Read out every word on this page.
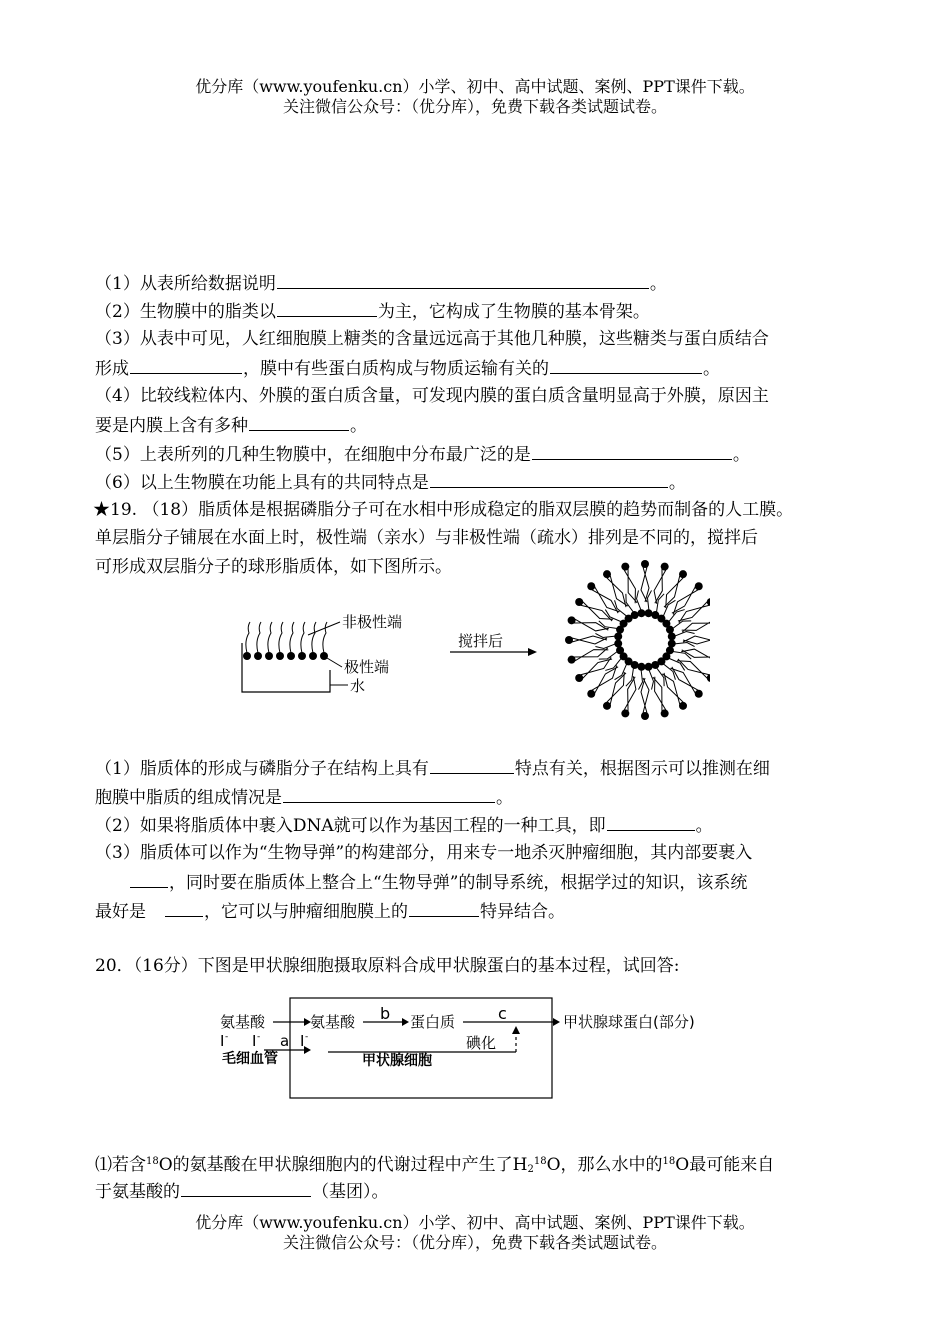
优分库（www.youfenku.cn）小学、初中、高中试题、案例、PPT课件下载。
关注微信公众号：（优分库），免费下载各类试题试卷。
（1）从表所给数据说明	。
（2）生物膜中的脂类以	为主，它构成了生物膜的基本骨架。
（3）从表中可见，人红细胞膜上糖类的含量远远高于其他几种膜，这些糖类与蛋白质结合
形成	，膜中有些蛋白质构成与物质运输有关的	。
（4）比较线粒体内、外膜的蛋白质含量，可发现内膜的蛋白质含量明显高于外膜，原因主
要是内膜上含有多种	。
（5）上表所列的几种生物膜中，在细胞中分布最广泛的是	。
（6）以上生物膜在功能上具有的共同特点是	。
★19. （18）脂质体是根据磷脂分子可在水相中形成稳定的脂双层膜的趋势而制备的人工膜。
单层脂分子铺展在水面上时，极性端（亲水）与非极性端（疏水）排列是不同的，搅拌后
可形成双层脂分子的球形脂质体，如下图所示。
非极性端
极性端
水
搅拌后
（1）脂质体的形成与磷脂分子在结构上具有	特点有关，根据图示可以推测在细
胞膜中脂质的组成情况是	。
（2）如果将脂质体中裹入DNA就可以作为基因工程的一种工具，即	。
（3）脂质体可以作为“生物导弹”的构建部分，用来专一地杀灭肿瘤细胞，其内部要裹入
，同时要在脂质体上整合上“生物导弹”的制导系统，根据学过的知识，该系统
最好是	，它可以与肿瘤细胞膜上的	特异结合。
20．（16分）下图是甲状腺细胞摄取原料合成甲状腺蛋白的基本过程，试回答:
氨基酸
I - I -
毛细血管
a
氨基酸 b 蛋白质	c
I -	碘化
甲状腺细胞
甲状腺球蛋白(部分)
⑴若含$^{18}$O的氨基酸在甲状腺细胞内的代谢过程中产生了$H_2^{18}O$，那么水中的$^{18}$O最可能来自
于氨基酸的	（基团）。
优分库（www.youfenku.cn）小学、初中、高中试题、案例、PPT课件下载。
关注微信公众号：（优分库），免费下载各类试题试卷。
